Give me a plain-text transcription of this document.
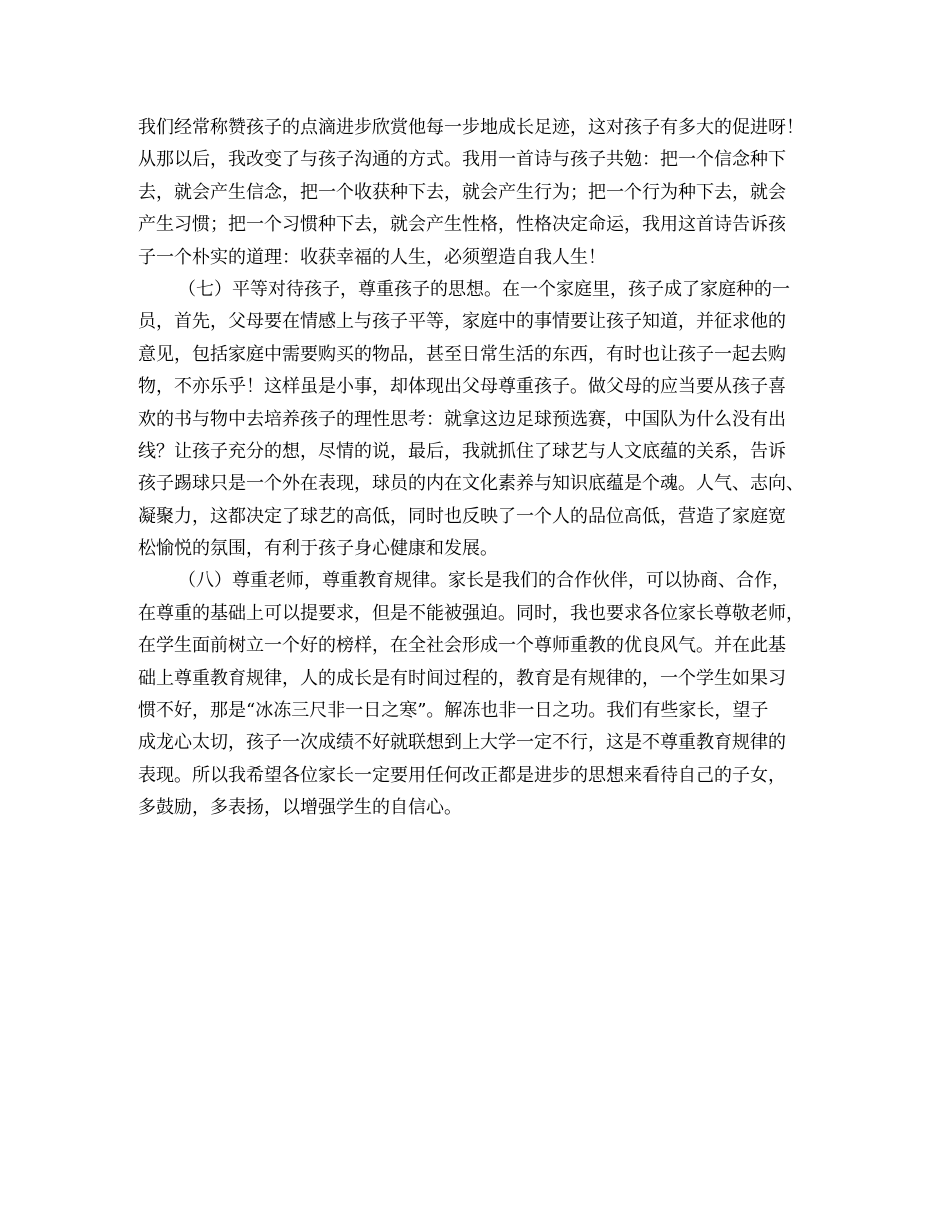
我们经常称赞孩子的点滴进步欣赏他每一步地成长足迹，这对孩子有多大的促进呀！
从那以后，我改变了与孩子沟通的方式。我用一首诗与孩子共勉：把一个信念种下
去，就会产生信念，把一个收获种下去，就会产生行为；把一个行为种下去，就会
产生习惯；把一个习惯种下去，就会产生性格，性格决定命运，我用这首诗告诉孩
子一个朴实的道理：收获幸福的人生，必须塑造自我人生！
（七）平等对待孩子，尊重孩子的思想。在一个家庭里，孩子成了家庭种的一
员，首先，父母要在情感上与孩子平等，家庭中的事情要让孩子知道，并征求他的
意见，包括家庭中需要购买的物品，甚至日常生活的东西，有时也让孩子一起去购
物，不亦乐乎！这样虽是小事，却体现出父母尊重孩子。做父母的应当要从孩子喜
欢的书与物中去培养孩子的理性思考：就拿这边足球预选赛，中国队为什么没有出
线？让孩子充分的想，尽情的说，最后，我就抓住了球艺与人文底蕴的关系，告诉
孩子踢球只是一个外在表现，球员的内在文化素养与知识底蕴是个魂。人气、志向、
凝聚力，这都决定了球艺的高低，同时也反映了一个人的品位高低，营造了家庭宽
松愉悦的氛围，有利于孩子身心健康和发展。
（八）尊重老师，尊重教育规律。家长是我们的合作伙伴，可以协商、合作，
在尊重的基础上可以提要求，但是不能被强迫。同时，我也要求各位家长尊敬老师，
在学生面前树立一个好的榜样，在全社会形成一个尊师重教的优良风气。并在此基
础上尊重教育规律，人的成长是有时间过程的，教育是有规律的，一个学生如果习
惯不好，那是“冰冻三尺非一日之寒”。解冻也非一日之功。我们有些家长，望子
成龙心太切，孩子一次成绩不好就联想到上大学一定不行，这是不尊重教育规律的
表现。所以我希望各位家长一定要用任何改正都是进步的思想来看待自己的子女，
多鼓励，多表扬，以增强学生的自信心。
